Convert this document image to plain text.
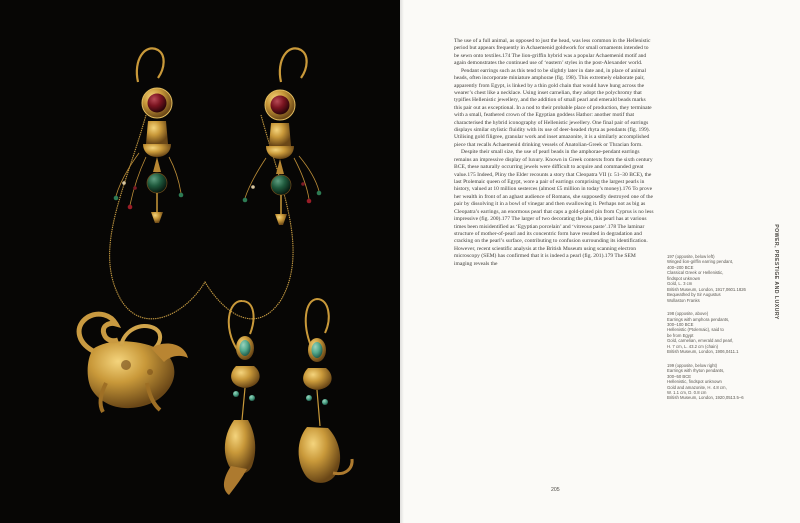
The use of a full animal, as opposed to just the head, was less common in the Hellenistic period but appears frequently in Achaemenid goldwork for small ornaments intended to be sewn onto textiles.174 The lion-griffin hybrid was a popular Achaemenid motif and again demonstrates the continued use of ‘eastern’ styles in the post-Alexander world.

Pendant earrings such as this tend to be slightly later in date and, in place of animal heads, often incorporate miniature amphorae (fig. 198). This extremely elaborate pair, apparently from Egypt, is linked by a thin gold chain that would have hung across the wearer’s chest like a necklace. Using inset carnelian, they adopt the polychromy that typifies Hellenistic jewellery, and the addition of small pearl and emerald beads marks this pair out as exceptional. In a nod to their probable place of production, they terminate with a small, feathered crown of the Egyptian goddess Hathor: another motif that characterised the hybrid iconography of Hellenistic jewellery. One final pair of earrings displays similar stylistic fluidity with its use of deer-headed rhyta as pendants (fig. 199). Utilising gold filigree, granular work and inset amazonite, it is a similarly accomplished piece that recalls Achaemenid drinking vessels of Anatolian-Greek or Thracian form.

Despite their small size, the use of pearl beads in the amphorae-pendant earrings remains an impressive display of luxury. Known in Greek contexts from the sixth century BCE, these naturally occurring jewels were difficult to acquire and commanded great value.175 Indeed, Pliny the Elder recounts a story that Cleopatra VII (r. 51–30 BCE), the last Ptolemaic queen of Egypt, wore a pair of earrings comprising the largest pearls in history, valued at 10 million sesterces (almost £5 million in today’s money).176 To prove her wealth in front of an aghast audience of Romans, she supposedly destroyed one of the pair by dissolving it in a bowl of vinegar and then swallowing it. Perhaps not as big as Cleopatra’s earrings, an enormous pearl that caps a gold-plated pin from Cyprus is no less impressive (fig. 200).177 The larger of two decorating the pin, this pearl has at various times been misidentified as ‘Egyptian porcelain’ and ‘vitreous paste’.178 The laminar structure of mother-of-pearl and its concentric form have resulted in degradation and cracking on the pearl’s surface, contributing to confusion surrounding its identification. However, recent scientific analysis at the British Museum using scanning electron microscopy (SEM) has confirmed that it is indeed a pearl (fig. 201).179 The SEM imaging reveals the	POWER, PRESTIGE AND LUXURY
197 (opposite, below left)
Winged lion-griffin earring pendant,
400–200 BCE
Classical Greek or Hellenistic,
findspot unknown
Gold, L. 3 cm
British Museum, London, 1917,0601.1826
Bequeathed by Sir Augustus
Wollaston Franks
198 (opposite, above)
Earrings with amphora pendants,
300–100 BCE
Hellenistic (Ptolemaic), said to
be from Egypt
Gold, carnelian, emerald and pearl,
H. 7 cm, L. 43.2 cm (chain)
British Museum, London, 1906,0411.1
199 (opposite, below right)
Earrings with rhyton pendants,
300–50 BCE
Hellenistic, findspot unknown
Gold and amazonite, H. 4.8 cm,
W. 1.1 cm, D. 0.8 cm
British Museum, London, 1920,0513.5–6
205
